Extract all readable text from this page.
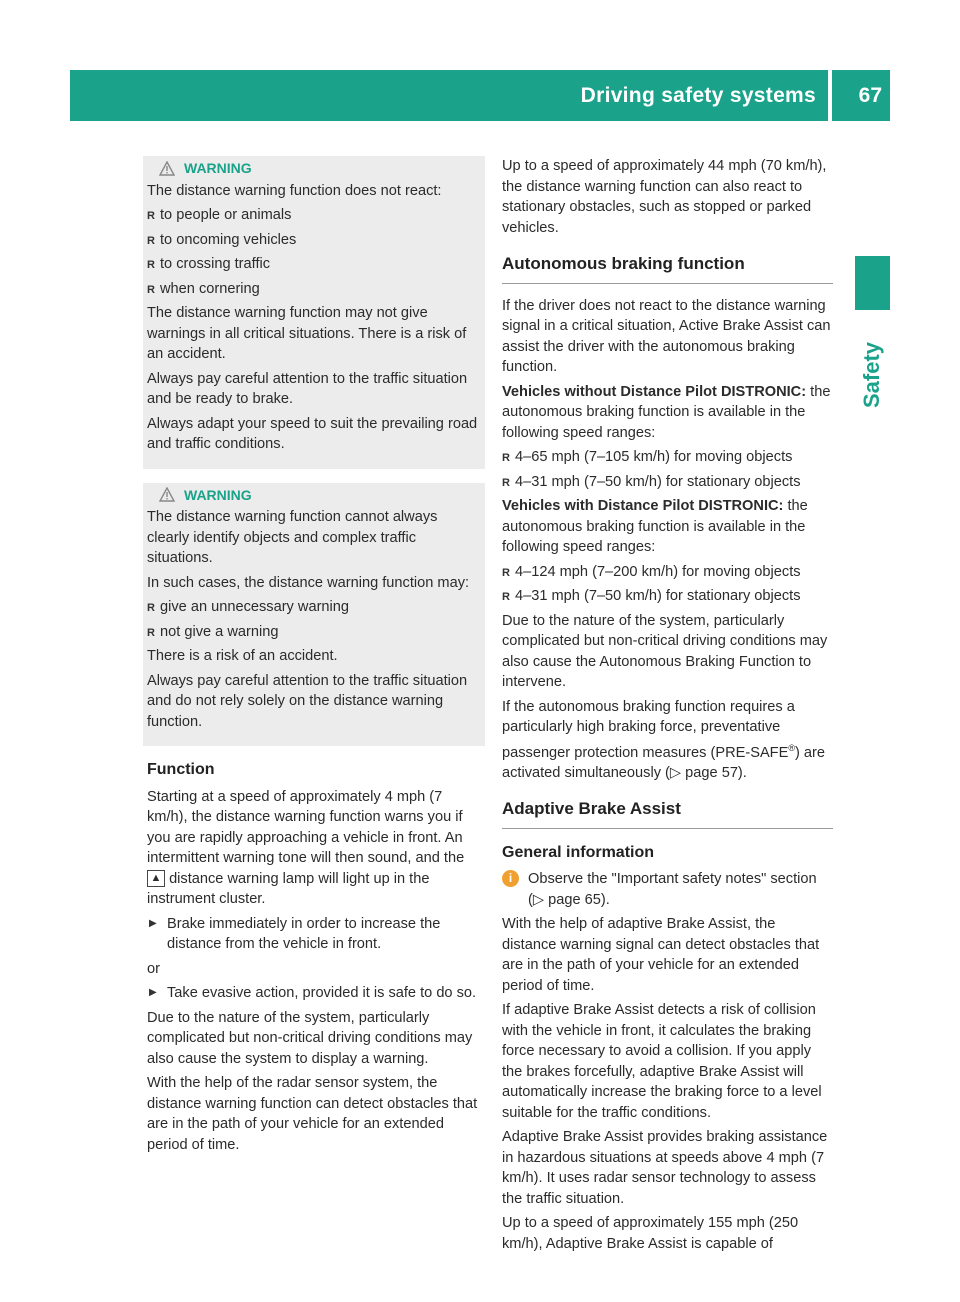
Driving safety systems 67
Safety
WARNING

The distance warning function does not react:

R to people or animals
R to oncoming vehicles
R to crossing traffic
R when cornering

The distance warning function may not give warnings in all critical situations. There is a risk of an accident.

Always pay careful attention to the traffic situation and be ready to brake.

Always adapt your speed to suit the prevailing road and traffic conditions.

WARNING

The distance warning function cannot always clearly identify objects and complex traffic situations.

In such cases, the distance warning function may:

R give an unnecessary warning
R not give a warning

There is a risk of an accident.

Always pay careful attention to the traffic situation and do not rely solely on the distance warning function.

Function

Starting at a speed of approximately 4 mph (7 km/h), the distance warning function warns you if you are rapidly approaching a vehicle in front. An intermittent warning tone will then sound, and the ▲ distance warning lamp will light up in the instrument cluster.

▶ Brake immediately in order to increase the distance from the vehicle in front.

or

▶ Take evasive action, provided it is safe to do so.

Due to the nature of the system, particularly complicated but non-critical driving conditions may also cause the system to display a warning.

With the help of the radar sensor system, the distance warning function can detect obstacles that are in the path of your vehicle for an extended period of time.

Up to a speed of approximately 44 mph (70 km/h), the distance warning function can also react to stationary obstacles, such as stopped or parked vehicles.

Autonomous braking function

If the driver does not react to the distance warning signal in a critical situation, Active Brake Assist can assist the driver with the autonomous braking function.

Vehicles without Distance Pilot DISTRONIC: the autonomous braking function is available in the following speed ranges:

R 4–65 mph (7–105 km/h) for moving objects
R 4–31 mph (7–50 km/h) for stationary objects

Vehicles with Distance Pilot DISTRONIC: the autonomous braking function is available in the following speed ranges:

R 4–124 mph (7–200 km/h) for moving objects
R 4–31 mph (7–50 km/h) for stationary objects

Due to the nature of the system, particularly complicated but non-critical driving conditions may also cause the Autonomous Braking Function to intervene.

If the autonomous braking function requires a particularly high braking force, preventative passenger protection measures (PRE-SAFE®) are activated simultaneously (▷ page 57).

Adaptive Brake Assist
General information
i	Observe the "Important safety notes" section (▷ page 65).

With the help of adaptive Brake Assist, the distance warning signal can detect obstacles that are in the path of your vehicle for an extended period of time.

If adaptive Brake Assist detects a risk of collision with the vehicle in front, it calculates the braking force necessary to avoid a collision. If you apply the brakes forcefully, adaptive Brake Assist will automatically increase the braking force to a level suitable for the traffic conditions.

Adaptive Brake Assist provides braking assistance in hazardous situations at speeds above 4 mph (7 km/h). It uses radar sensor technology to assess the traffic situation.

Up to a speed of approximately 155 mph (250 km/h), Adaptive Brake Assist is capable of
